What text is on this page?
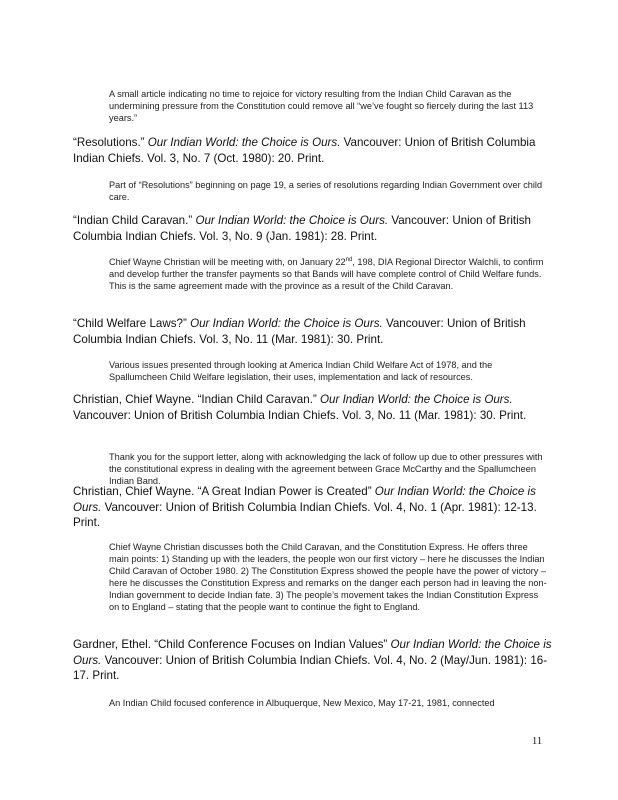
A small article indicating no time to rejoice for victory resulting from the Indian Child Caravan as the undermining pressure from the Constitution could remove all “we’ve fought so fiercely during the last 113 years.”
“Resolutions.” Our Indian World: the Choice is Ours. Vancouver: Union of British Columbia Indian Chiefs. Vol. 3, No. 7 (Oct. 1980): 20. Print.
Part of “Resolutions” beginning on page 19, a series of resolutions regarding Indian Government over child care.
“Indian Child Caravan.” Our Indian World: the Choice is Ours. Vancouver: Union of British Columbia Indian Chiefs. Vol. 3, No. 9 (Jan. 1981): 28. Print.
Chief Wayne Christian will be meeting with, on January 22nd, 198, DIA Regional Director Walchli, to confirm and develop further the transfer payments so that Bands will have complete control of Child Welfare funds. This is the same agreement made with the province as a result of the Child Caravan.
“Child Welfare Laws?” Our Indian World: the Choice is Ours. Vancouver: Union of British Columbia Indian Chiefs. Vol. 3, No. 11 (Mar. 1981): 30. Print.
Various issues presented through looking at America Indian Child Welfare Act of 1978, and the Spallumcheen Child Welfare legislation, their uses, implementation and lack of resources.
Christian, Chief Wayne. “Indian Child Caravan.” Our Indian World: the Choice is Ours. Vancouver: Union of British Columbia Indian Chiefs. Vol. 3, No. 11 (Mar. 1981): 30. Print.
Thank you for the support letter, along with acknowledging the lack of follow up due to other pressures with the constitutional express in dealing with the agreement between Grace McCarthy and the Spallumcheen Indian Band.
Christian, Chief Wayne. “A Great Indian Power is Created” Our Indian World: the Choice is Ours. Vancouver: Union of British Columbia Indian Chiefs. Vol. 4, No. 1 (Apr. 1981): 12-13. Print.
Chief Wayne Christian discusses both the Child Caravan, and the Constitution Express. He offers three main points: 1) Standing up with the leaders, the people won our first victory – here he discusses the Indian Child Caravan of October 1980. 2) The Constitution Express showed the people have the power of victory – here he discusses the Constitution Express and remarks on the danger each person had in leaving the non-Indian government to decide Indian fate. 3) The people’s movement takes the Indian Constitution Express on to England – stating that the people want to continue the fight to England.
Gardner, Ethel. “Child Conference Focuses on Indian Values” Our Indian World: the Choice is Ours. Vancouver: Union of British Columbia Indian Chiefs. Vol. 4, No. 2 (May/Jun. 1981): 16-17. Print.
An Indian Child focused conference in Albuquerque, New Mexico, May 17-21, 1981, connected
11
